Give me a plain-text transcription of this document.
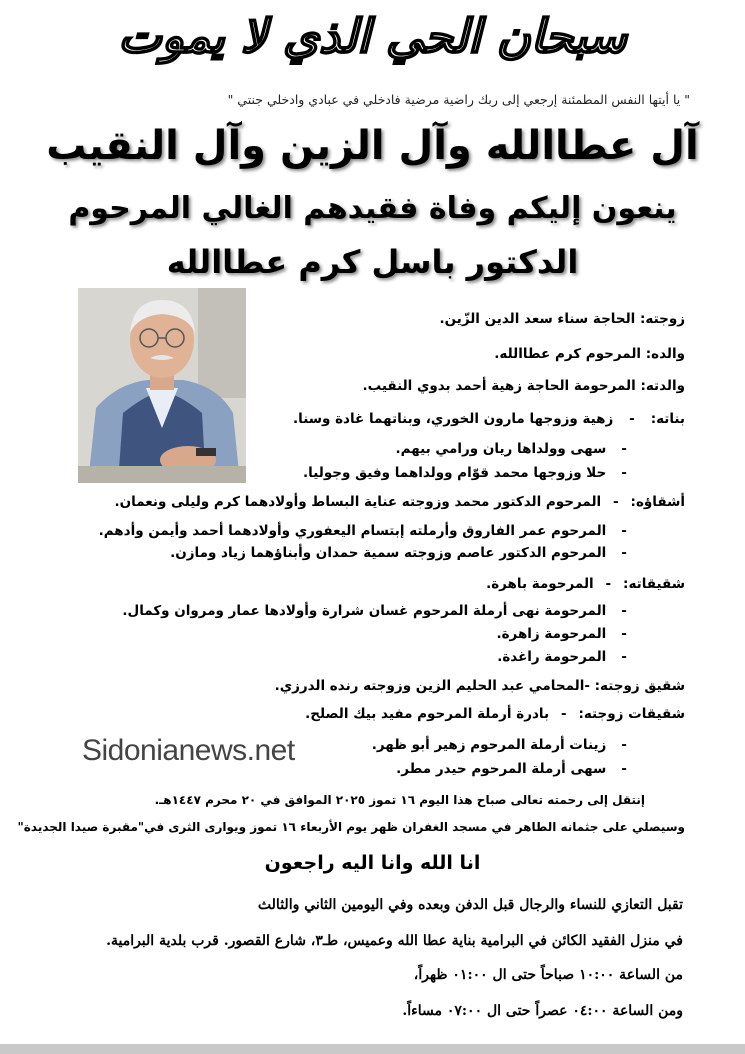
سبحان الحي الذي لا يموت
" يا أيتها النفس المطمئنة إرجعي إلى ربك راضية مرضية فادخلي في عبادي وادخلي جنتي "
آل عطاالله وآل الزين وآل النقيب
ينعون إليكم وفاة فقيدهم الغالي المرحوم
الدكتور باسل كرم عطاالله
زوجته: الحاجة سناء سعد الدين الزّين.
والده: المرحوم كرم عطاالله.
والدته: المرحومة الحاجة زهية أحمد بدوي النقيب.
بناته: - زهية وزوجها مارون الخوري، وبناتهما غادة وسنا.
- سهى وولداها ريان ورامي بيهم.
- حلا وزوجها محمد قوّام وولداهما وفيق وجوليا.
أشقاؤه: - المرحوم الدكتور محمد وزوجته عناية البساط وأولادهما كرم وليلى ونعمان.
- المرحوم عمر الفاروق وأرملته إبتسام اليعفوري وأولادهما أحمد وأيمن وأدهم.
- المرحوم الدكتور عاصم وزوجته سمية حمدان وأبناؤهما زياد ومازن.
شقيقاته: - المرحومة باهرة.
- المرحومة نهى أرملة المرحوم غسان شرارة وأولادها عمار ومروان وكمال.
- المرحومة زاهرة.
- المرحومة راغدة.
شقيق زوجته: -المحامي عبد الحليم الزين وزوجته رنده الدرزي.
شقيقات زوجته: - بادرة أرملة المرحوم مفيد بيك الصلح.
- زينات أرملة المرحوم زهير أبو ظهر.
- سهى أرملة المرحوم حيدر مطر.
Sidonianews.net
إنتقل إلى رحمته تعالى صباح هذا اليوم ١٦ تموز ٢٠٢٥ الموافق في ٢٠ محرم ١٤٤٧هـ.
وسيصلي على جثمانه الطاهر في مسجد الغفران ظهر يوم الأربعاء ١٦ تموز ويوارى الثرى في"مقبرة صيدا الجديدة"
انا الله وانا اليه راجعون
تقبل التعازي للنساء والرجال قبل الدفن وبعده وفي اليومين الثاني والثالث
في منزل الفقيد الكائن في البرامية بناية عطا الله وعميس، طـ٣، شارع القصور. قرب بلدية البرامية.
من الساعة ١٠:٠٠ صباحاً حتى ال ٠١:٠٠ ظهراً،
ومن الساعة ٠٤:٠٠ عصراً حتى ال ٠٧:٠٠ مساءاً.
